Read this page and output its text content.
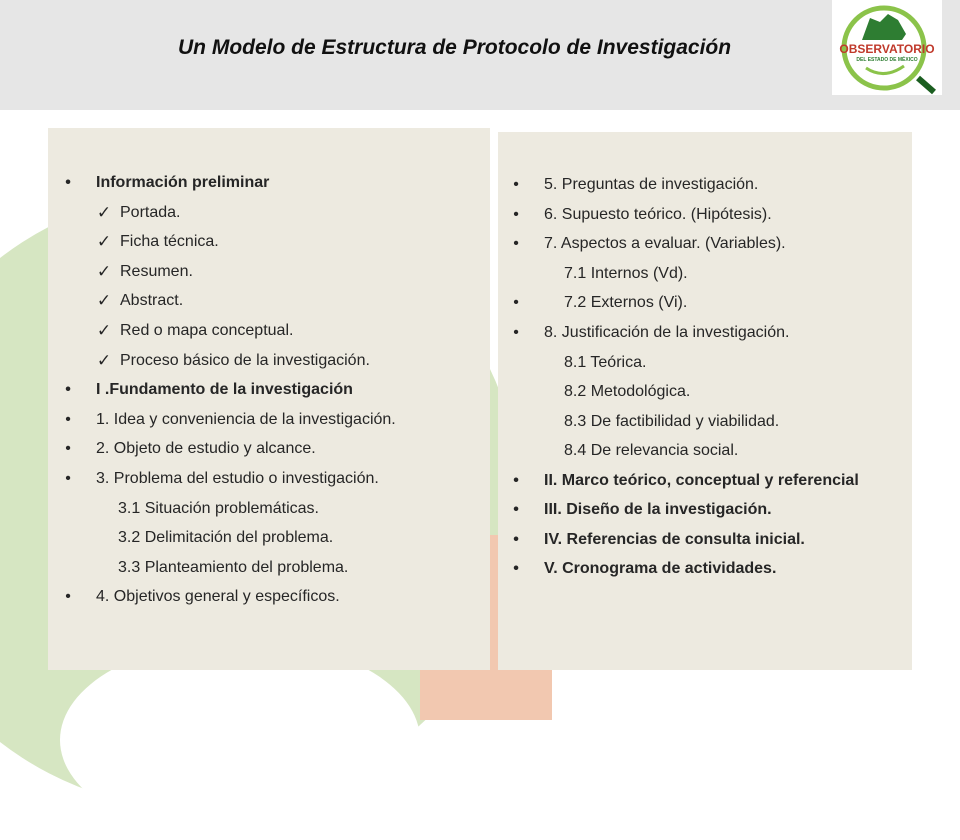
Un Modelo de Estructura de Protocolo de Investigación	OBSERVATORIO
DEL ESTADO DE MÉXICO
• Información preliminar
✓ Portada.
✓ Ficha técnica.
✓ Resumen.
✓ Abstract.
✓ Red o mapa conceptual.
✓ Proceso básico de la investigación.
• I .Fundamento de la investigación
• 1. Idea y conveniencia de la investigación.
• 2. Objeto de estudio y alcance.
• 3. Problema del estudio o investigación.
3.1 Situación problemáticas.
3.2 Delimitación del problema.
3.3 Planteamiento del problema.
• 4. Objetivos general y específicos.
• 5. Preguntas de investigación.
• 6. Supuesto teórico. (Hipótesis).
• 7. Aspectos a evaluar. (Variables).
7.1 Internos (Vd).
•	7.2 Externos (Vi).
• 8. Justificación de la investigación.
8.1 Teórica.
8.2 Metodológica.
8.3 De factibilidad y viabilidad.
8.4 De relevancia social.
• II. Marco teórico, conceptual y referencial
• III. Diseño de la investigación.
• IV. Referencias de consulta inicial.
• V. Cronograma de actividades.
